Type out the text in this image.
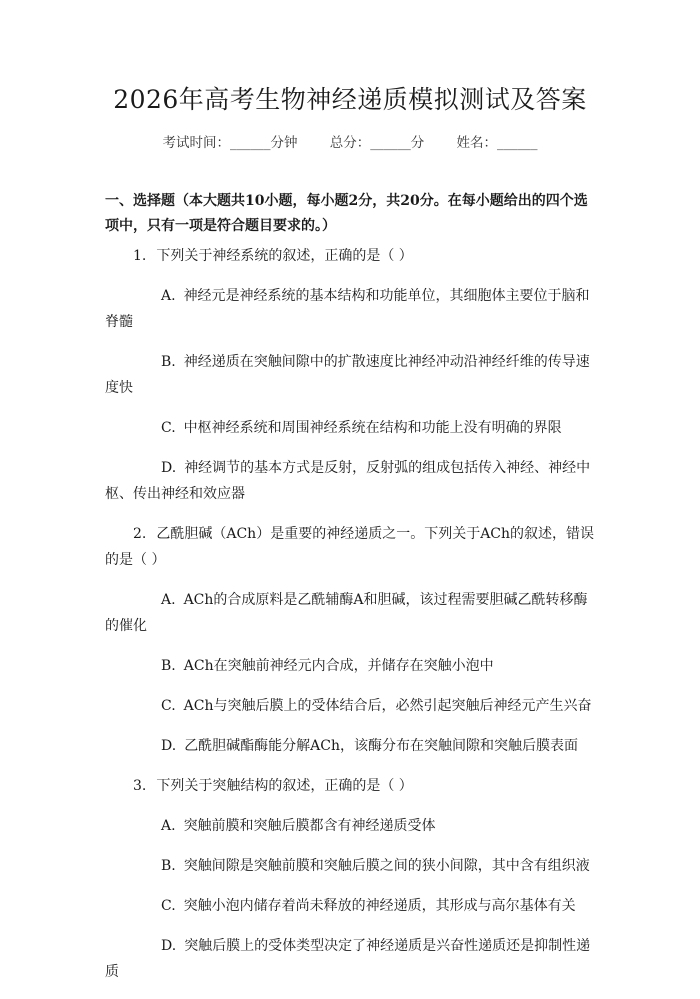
2026年高考生物神经递质模拟测试及答案
考试时间：______分钟 总分：______分 姓名：______

一、选择题（本大题共10小题，每小题2分，共20分。在每小题给出的四个选项中，只有一项是符合题目要求的。）

1. 下列关于神经系统的叙述，正确的是（ ）

A. 神经元是神经系统的基本结构和功能单位，其细胞体主要位于脑和脊髓

B. 神经递质在突触间隙中的扩散速度比神经冲动沿神经纤维的传导速度快

C. 中枢神经系统和周围神经系统在结构和功能上没有明确的界限

D. 神经调节的基本方式是反射，反射弧的组成包括传入神经、神经中枢、传出神经和效应器

2. 乙酰胆碱（ACh）是重要的神经递质之一。下列关于ACh的叙述，错误的是（ ）

A. ACh的合成原料是乙酰辅酶A和胆碱，该过程需要胆碱乙酰转移酶的催化

B. ACh在突触前神经元内合成，并储存在突触小泡中

C. ACh与突触后膜上的受体结合后，必然引起突触后神经元产生兴奋

D. 乙酰胆碱酯酶能分解ACh，该酶分布在突触间隙和突触后膜表面

3. 下列关于突触结构的叙述，正确的是（ ）

A. 突触前膜和突触后膜都含有神经递质受体

B. 突触间隙是突触前膜和突触后膜之间的狭小间隙，其中含有组织液

C. 突触小泡内储存着尚未释放的神经递质，其形成与高尔基体有关

D. 突触后膜上的受体类型决定了神经递质是兴奋性递质还是抑制性递质
